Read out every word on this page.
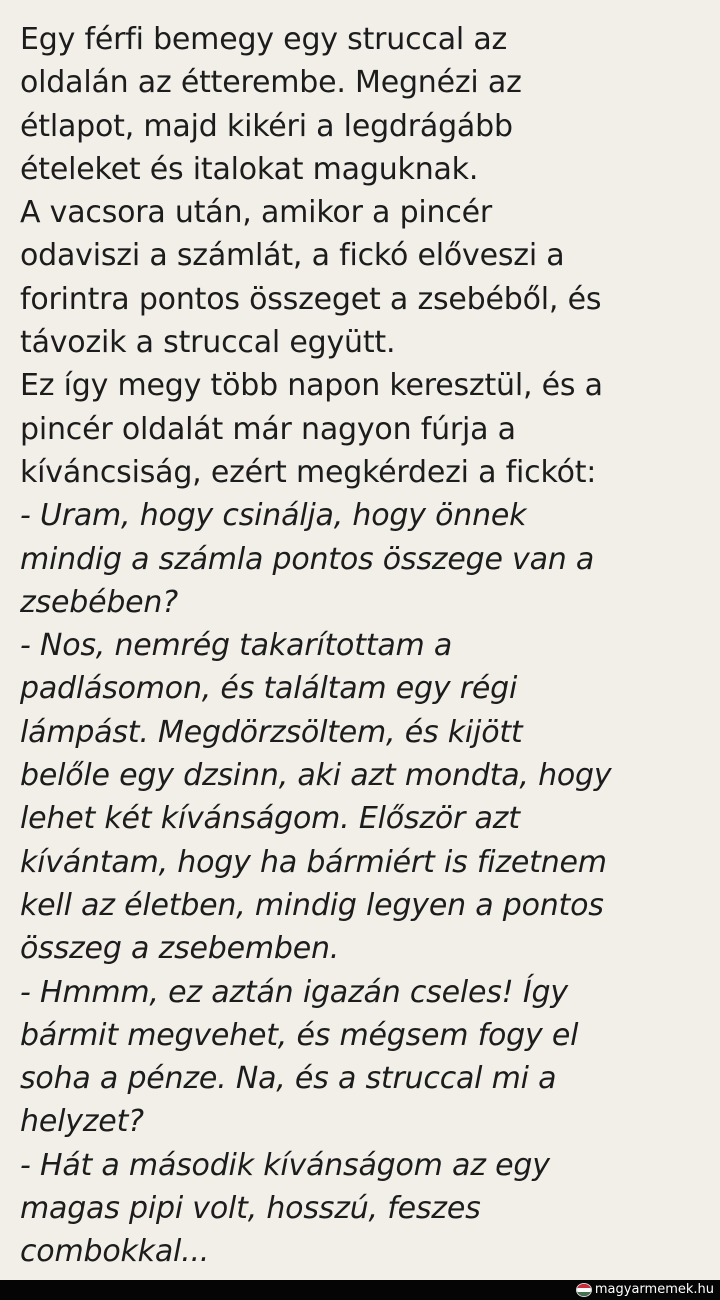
Egy férfi bemegy egy struccal az
oldalán az étterembe. Megnézi az
étlapot, majd kikéri a legdrágább
ételeket és italokat maguknak.
A vacsora után, amikor a pincér
odaviszi a számlát, a fickó előveszi a
forintra pontos összeget a zsebéből, és
távozik a struccal együtt.
Ez így megy több napon keresztül, és a
pincér oldalát már nagyon fúrja a
kíváncsiság, ezért megkérdezi a fickót:
- Uram, hogy csinálja, hogy önnek
mindig a számla pontos összege van a
zsebében?
- Nos, nemrég takarítottam a
padlásomon, és találtam egy régi
lámpást. Megdörzsöltem, és kijött
belőle egy dzsinn, aki azt mondta, hogy
lehet két kívánságom. Először azt
kívántam, hogy ha bármiért is fizetnem
kell az életben, mindig legyen a pontos
összeg a zsebemben.
- Hmmm, ez aztán igazán cseles! Így
bármit megvehet, és mégsem fogy el
soha a pénze. Na, és a struccal mi a
helyzet?
- Hát a második kívánságom az egy
magas pipi volt, hosszú, feszes
combokkal...
magyarmemek.hu
